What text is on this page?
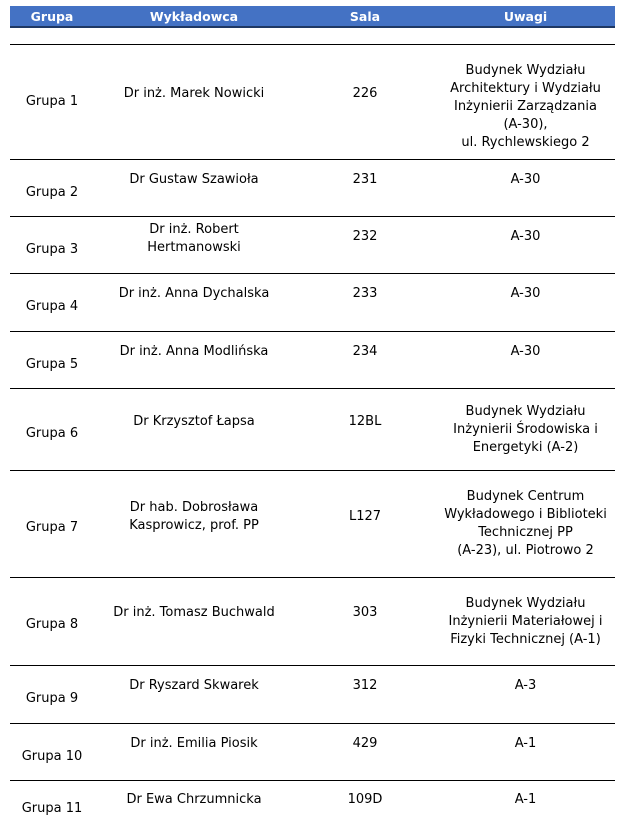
Grupa	Wykładowca	Sala	Uwagi

Grupa 1	Dr inż. Marek Nowicki	226	Budynek Wydziału
Architektury i Wydziału
Inżynierii Zarządzania
(A-30),
ul. Rychlewskiego 2
Grupa 2	Dr Gustaw Szawioła	231	A-30
Grupa 3	Dr inż. Robert
Hertmanowski	232	A-30
Grupa 4	Dr inż. Anna Dychalska	233	A-30
Grupa 5	Dr inż. Anna Modlińska	234	A-30
Grupa 6	Dr Krzysztof Łapsa	12BL	Budynek Wydziału
Inżynierii Środowiska i
Energetyki (A-2)
Grupa 7	Dr hab. Dobrosława
Kasprowicz, prof. PP	L127	Budynek Centrum
Wykładowego i Biblioteki
Technicznej PP
(A-23), ul. Piotrowo 2
Grupa 8	Dr inż. Tomasz Buchwald	303	Budynek Wydziału
Inżynierii Materiałowej i
Fizyki Technicznej (A-1)
Grupa 9	Dr Ryszard Skwarek	312	A-3
Grupa 10	Dr inż. Emilia Piosik	429	A-1
Grupa 11	Dr Ewa Chrzumnicka	109D	A-1
